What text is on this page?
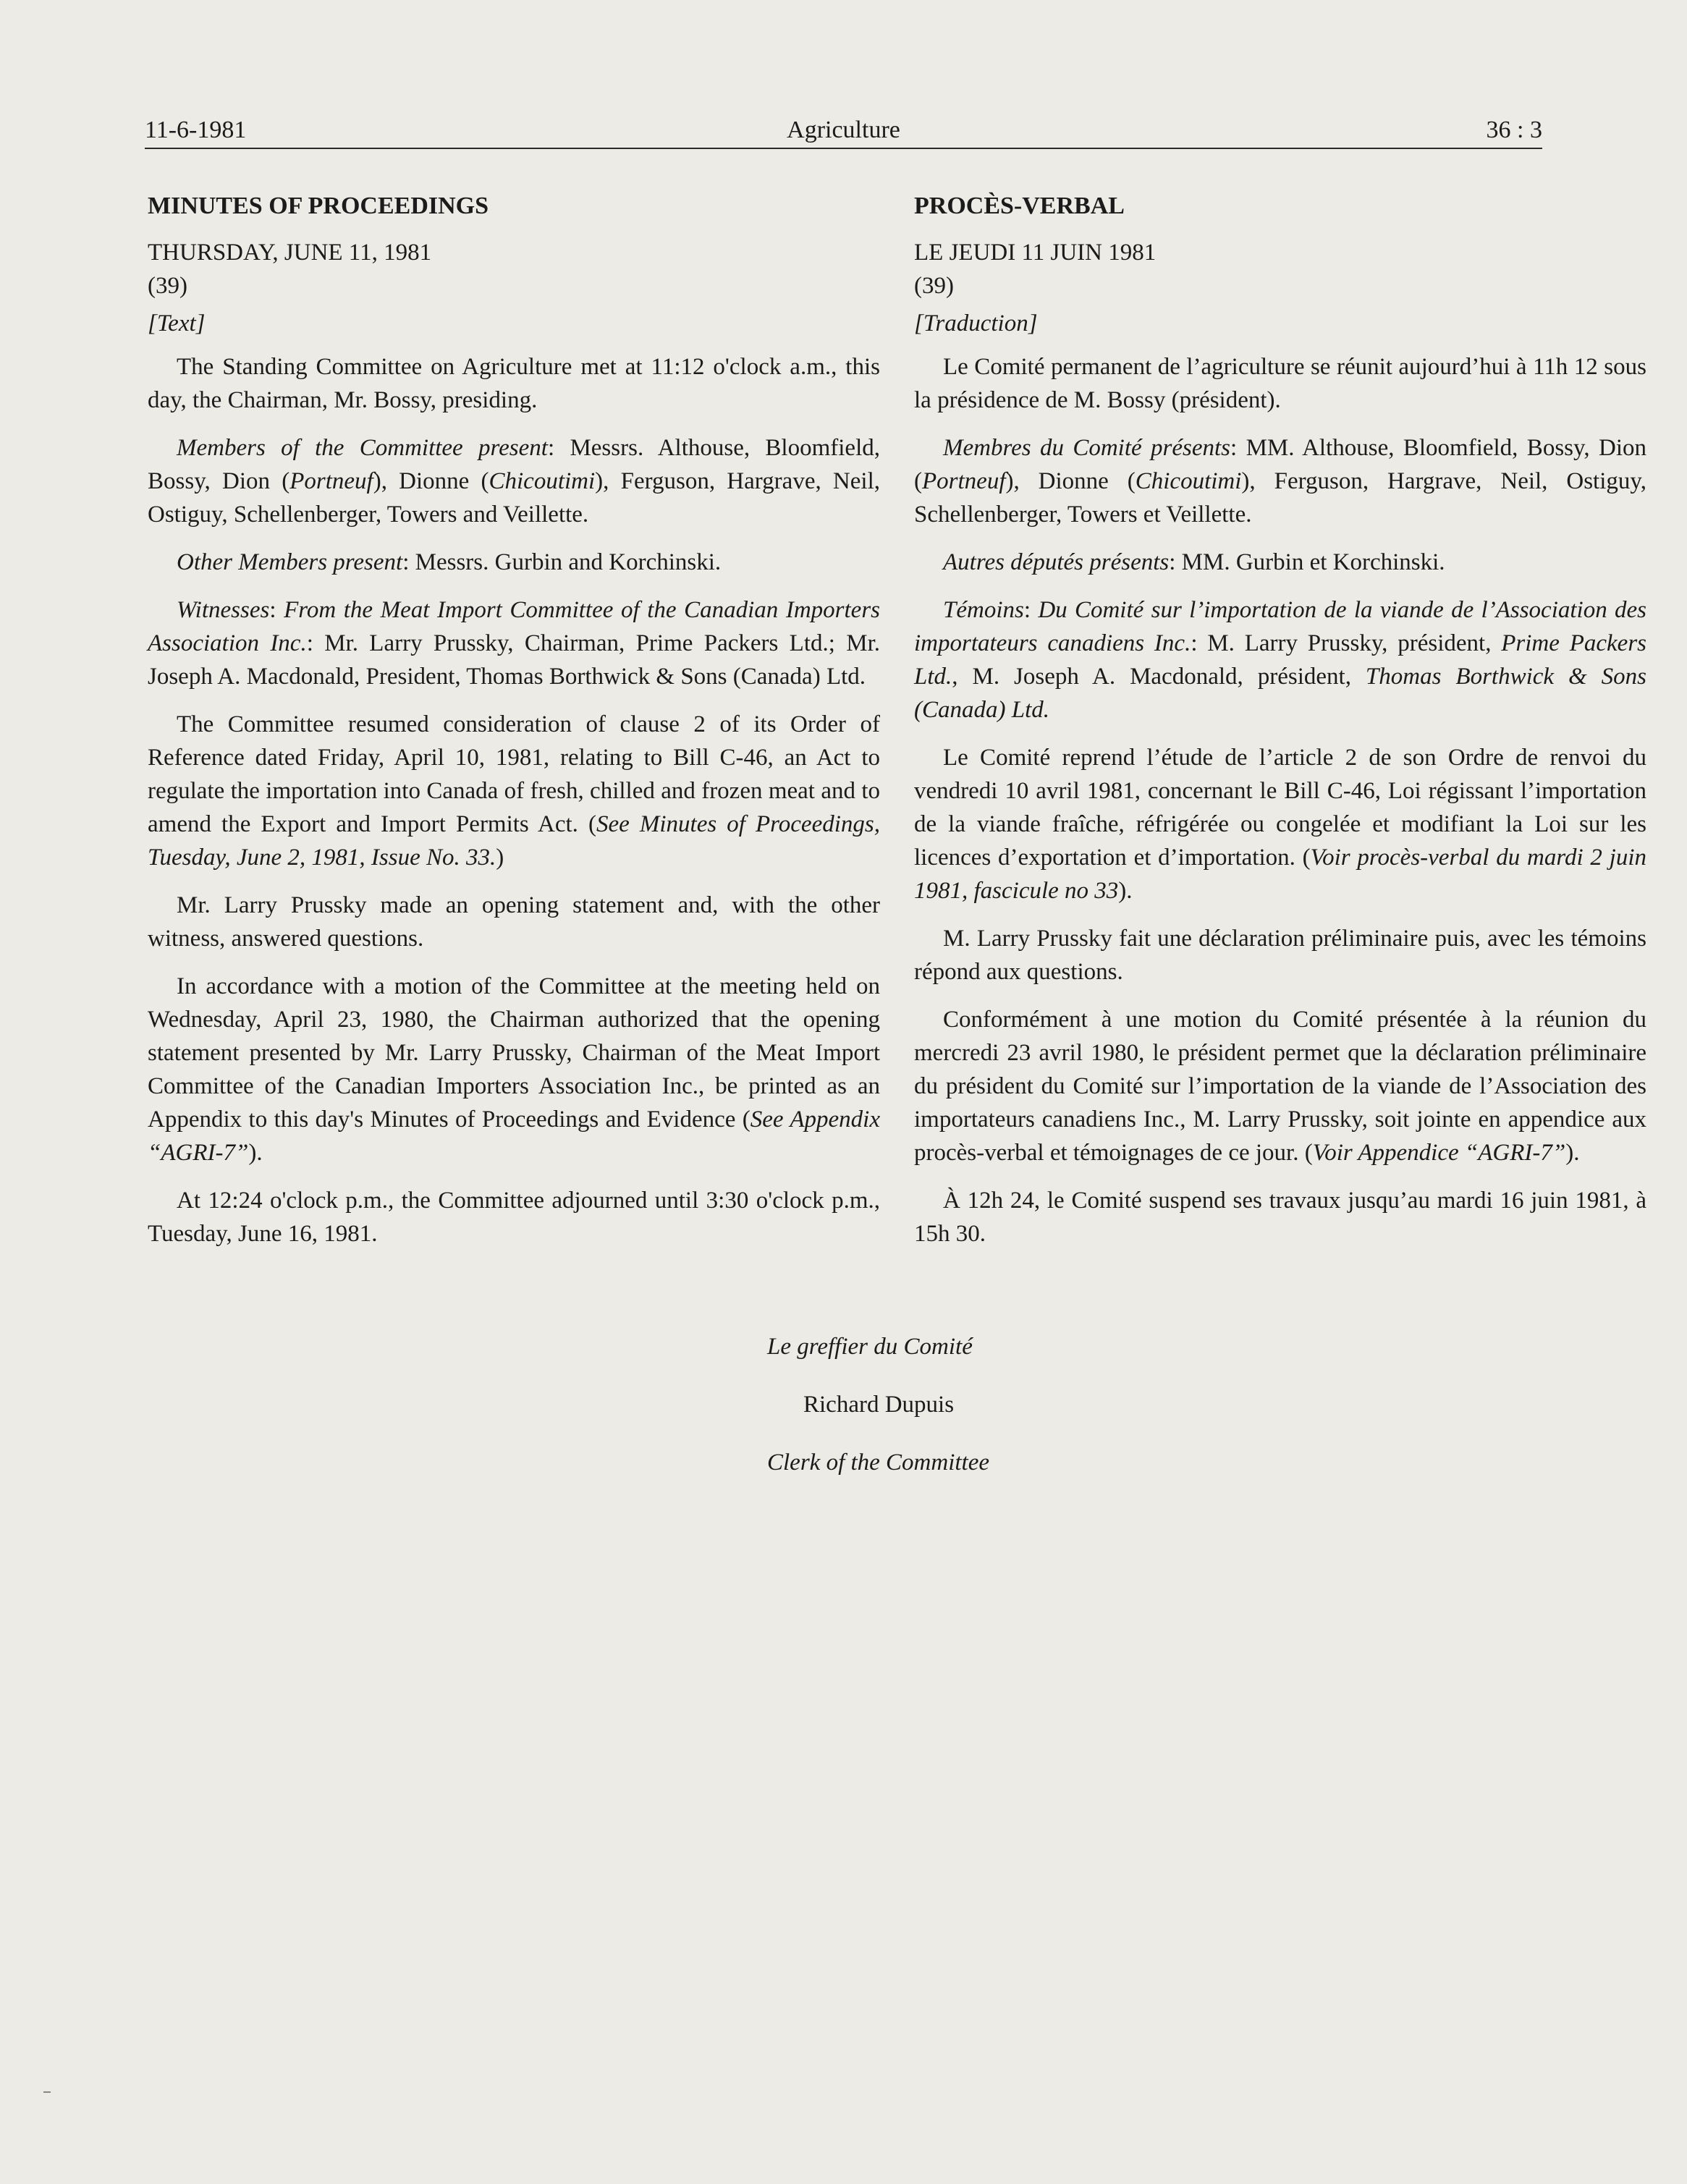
11-6-1981	Agriculture	36 : 3
MINUTES OF PROCEEDINGS
THURSDAY, JUNE 11, 1981
(39)
[Text]

The Standing Committee on Agriculture met at 11:12 o'clock a.m., this day, the Chairman, Mr. Bossy, presiding.

Members of the Committee present: Messrs. Althouse, Bloomfield, Bossy, Dion (Portneuf), Dionne (Chicoutimi), Ferguson, Hargrave, Neil, Ostiguy, Schellenberger, Towers and Veillette.

Other Members present: Messrs. Gurbin and Korchinski.

Witnesses: From the Meat Import Committee of the Canadian Importers Association Inc.: Mr. Larry Prussky, Chairman, Prime Packers Ltd.; Mr. Joseph A. Macdonald, President, Thomas Borthwick & Sons (Canada) Ltd.

The Committee resumed consideration of clause 2 of its Order of Reference dated Friday, April 10, 1981, relating to Bill C-46, an Act to regulate the importation into Canada of fresh, chilled and frozen meat and to amend the Export and Import Permits Act. (See Minutes of Proceedings, Tuesday, June 2, 1981, Issue No. 33.)

Mr. Larry Prussky made an opening statement and, with the other witness, answered questions.

In accordance with a motion of the Committee at the meeting held on Wednesday, April 23, 1980, the Chairman authorized that the opening statement presented by Mr. Larry Prussky, Chairman of the Meat Import Committee of the Canadian Importers Association Inc., be printed as an Appendix to this day's Minutes of Proceedings and Evidence (See Appendix “AGRI-7”).

At 12:24 o'clock p.m., the Committee adjourned until 3:30 o'clock p.m., Tuesday, June 16, 1981.

PROCÈS-VERBAL
LE JEUDI 11 JUIN 1981
(39)
[Traduction]

Le Comité permanent de l’agriculture se réunit aujourd’hui à 11h 12 sous la présidence de M. Bossy (président).

Membres du Comité présents: MM. Althouse, Bloomfield, Bossy, Dion (Portneuf), Dionne (Chicoutimi), Ferguson, Hargrave, Neil, Ostiguy, Schellenberger, Towers et Veillette.

Autres députés présents: MM. Gurbin et Korchinski.

Témoins: Du Comité sur l’importation de la viande de l’Association des importateurs canadiens Inc.: M. Larry Prussky, président, Prime Packers Ltd., M. Joseph A. Macdonald, président, Thomas Borthwick & Sons (Canada) Ltd.

Le Comité reprend l’étude de l’article 2 de son Ordre de renvoi du vendredi 10 avril 1981, concernant le Bill C-46, Loi régissant l’importation de la viande fraîche, réfrigérée ou congelée et modifiant la Loi sur les licences d’exportation et d’importation. (Voir procès-verbal du mardi 2 juin 1981, fascicule no 33).

M. Larry Prussky fait une déclaration préliminaire puis, avec les témoins répond aux questions.

Conformément à une motion du Comité présentée à la réunion du mercredi 23 avril 1980, le président permet que la déclaration préliminaire du président du Comité sur l’importation de la viande de l’Association des importateurs canadiens Inc., M. Larry Prussky, soit jointe en appendice aux procès-verbal et témoignages de ce jour. (Voir Appendice “AGRI-7”).

À 12h 24, le Comité suspend ses travaux jusqu’au mardi 16 juin 1981, à 15h 30.

Le greffier du Comité
Richard Dupuis
Clerk of the Committee
